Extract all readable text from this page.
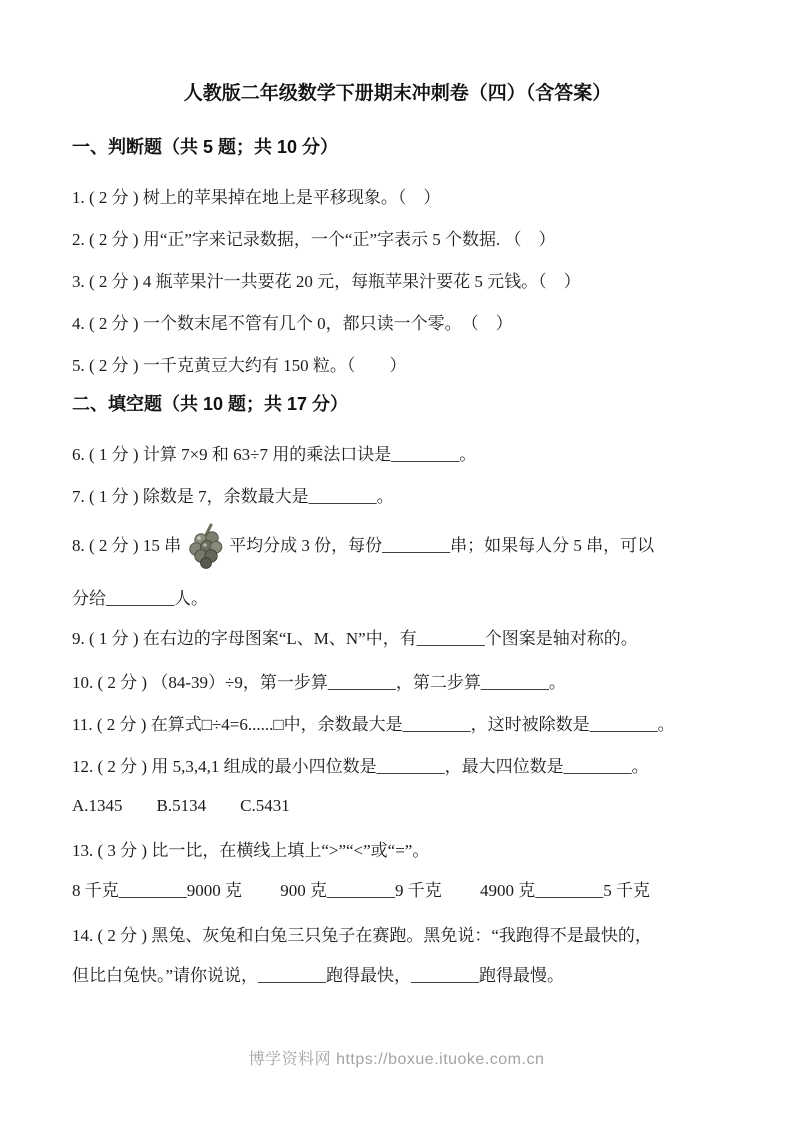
人教版二年级数学下册期末冲刺卷（四）（含答案）
一、判断题（共 5 题；共 10 分）
1. ( 2 分 ) 树上的苹果掉在地上是平移现象。（　）
2. ( 2 分 ) 用“正”字来记录数据，一个“正”字表示 5 个数据. （　）
3. ( 2 分 ) 4 瓶苹果汁一共要花 20 元，每瓶苹果汁要花 5 元钱。（　）
4. ( 2 分 ) 一个数末尾不管有几个 0，都只读一个零。　（　）
5. ( 2 分 ) 一千克黄豆大约有 150 粒。（　　）
二、填空题（共 10 题；共 17 分）
6. ( 1 分 ) 计算 7×9 和 63÷7 用的乘法口诀是________。
7. ( 1 分 ) 除数是 7，余数最大是________。
8. ( 2 分 ) 15 串	平均分成 3 份，每份________串；如果每人分 5 串，可以
分给________人。
9. ( 1 分 ) 在右边的字母图案“L、M、N”中，有________个图案是轴对称的。
10. ( 2 分 ) （84-39）÷9，第一步算________，第二步算________。
11. ( 2 分 ) 在算式□÷4=6......□中，余数最大是________，这时被除数是________。
12. ( 2 分 ) 用 5,3,4,1 组成的最小四位数是________，最大四位数是________。
A.1345　　B.5134　　C.5431
13. ( 3 分 ) 比一比，在横线上填上“>”“<”或“=”。
8 千克________9000 克　　 900 克________9 千克　　 4900 克________5 千克
14. ( 2 分 ) 黑兔、灰兔和白兔三只兔子在赛跑。黑免说：“我跑得不是最快的，
但比白兔快。”请你说说，________跑得最快，________跑得最慢。
博学资料网 https://boxue.ituoke.com.cn
